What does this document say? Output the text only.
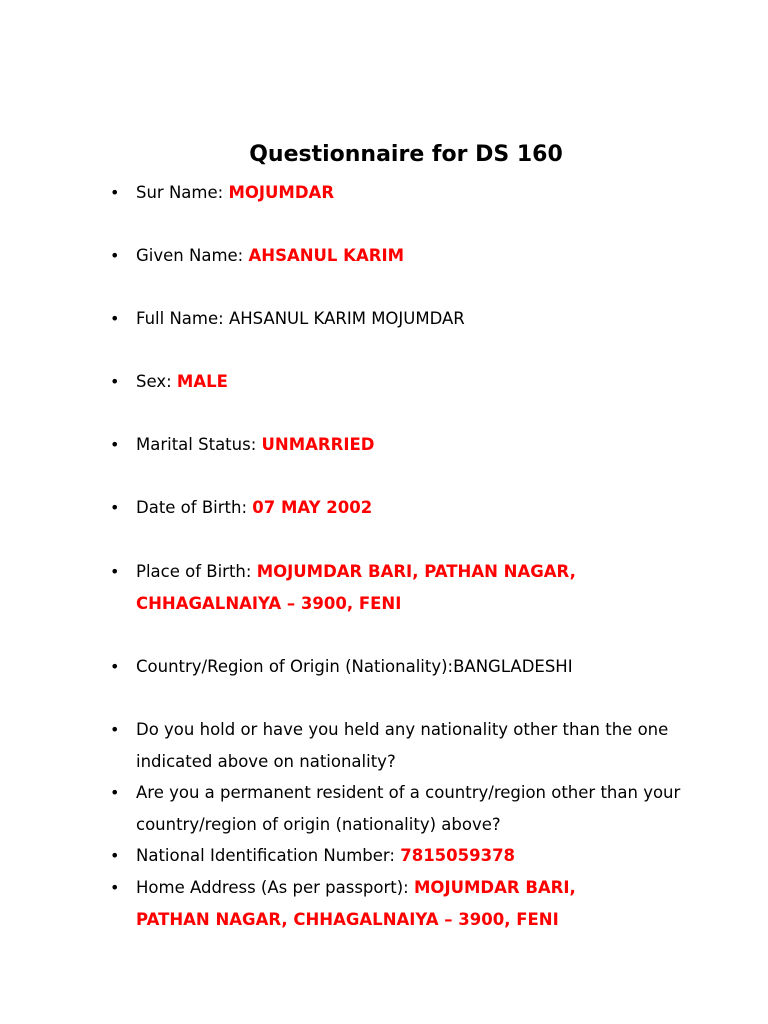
Questionnaire for DS 160
• Sur Name: MOJUMDAR
• Given Name: AHSANUL KARIM
• Full Name: AHSANUL KARIM MOJUMDAR
• Sex: MALE
• Marital Status: UNMARRIED
• Date of Birth: 07 MAY 2002
• Place of Birth: MOJUMDAR BARI, PATHAN NAGAR, CHHAGALNAIYA – 3900, FENI
• Country/Region of Origin (Nationality):BANGLADESHI
• Do you hold or have you held any nationality other than the one indicated above on nationality?
• Are you a permanent resident of a country/region other than your country/region of origin (nationality) above?
• National Identification Number: 7815059378
• Home Address (As per passport): MOJUMDAR BARI, PATHAN NAGAR, CHHAGALNAIYA – 3900, FENI
